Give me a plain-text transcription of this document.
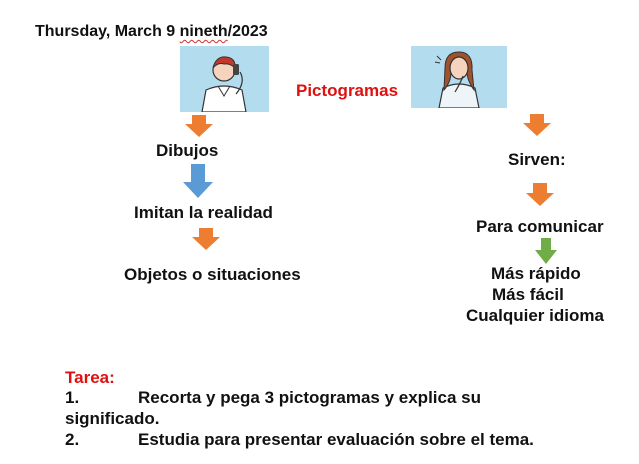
Thursday, March 9 nineth/2023
Pictogramas
Dibujos
Imitan la realidad
Objetos o situaciones
Sirven:
Para comunicar
Más rápido
Más fácil
Cualquier idioma
Tarea:
1.	Recorta y pega 3 pictogramas y explica su
significado.
2.	Estudia para presentar evaluación sobre el tema.
